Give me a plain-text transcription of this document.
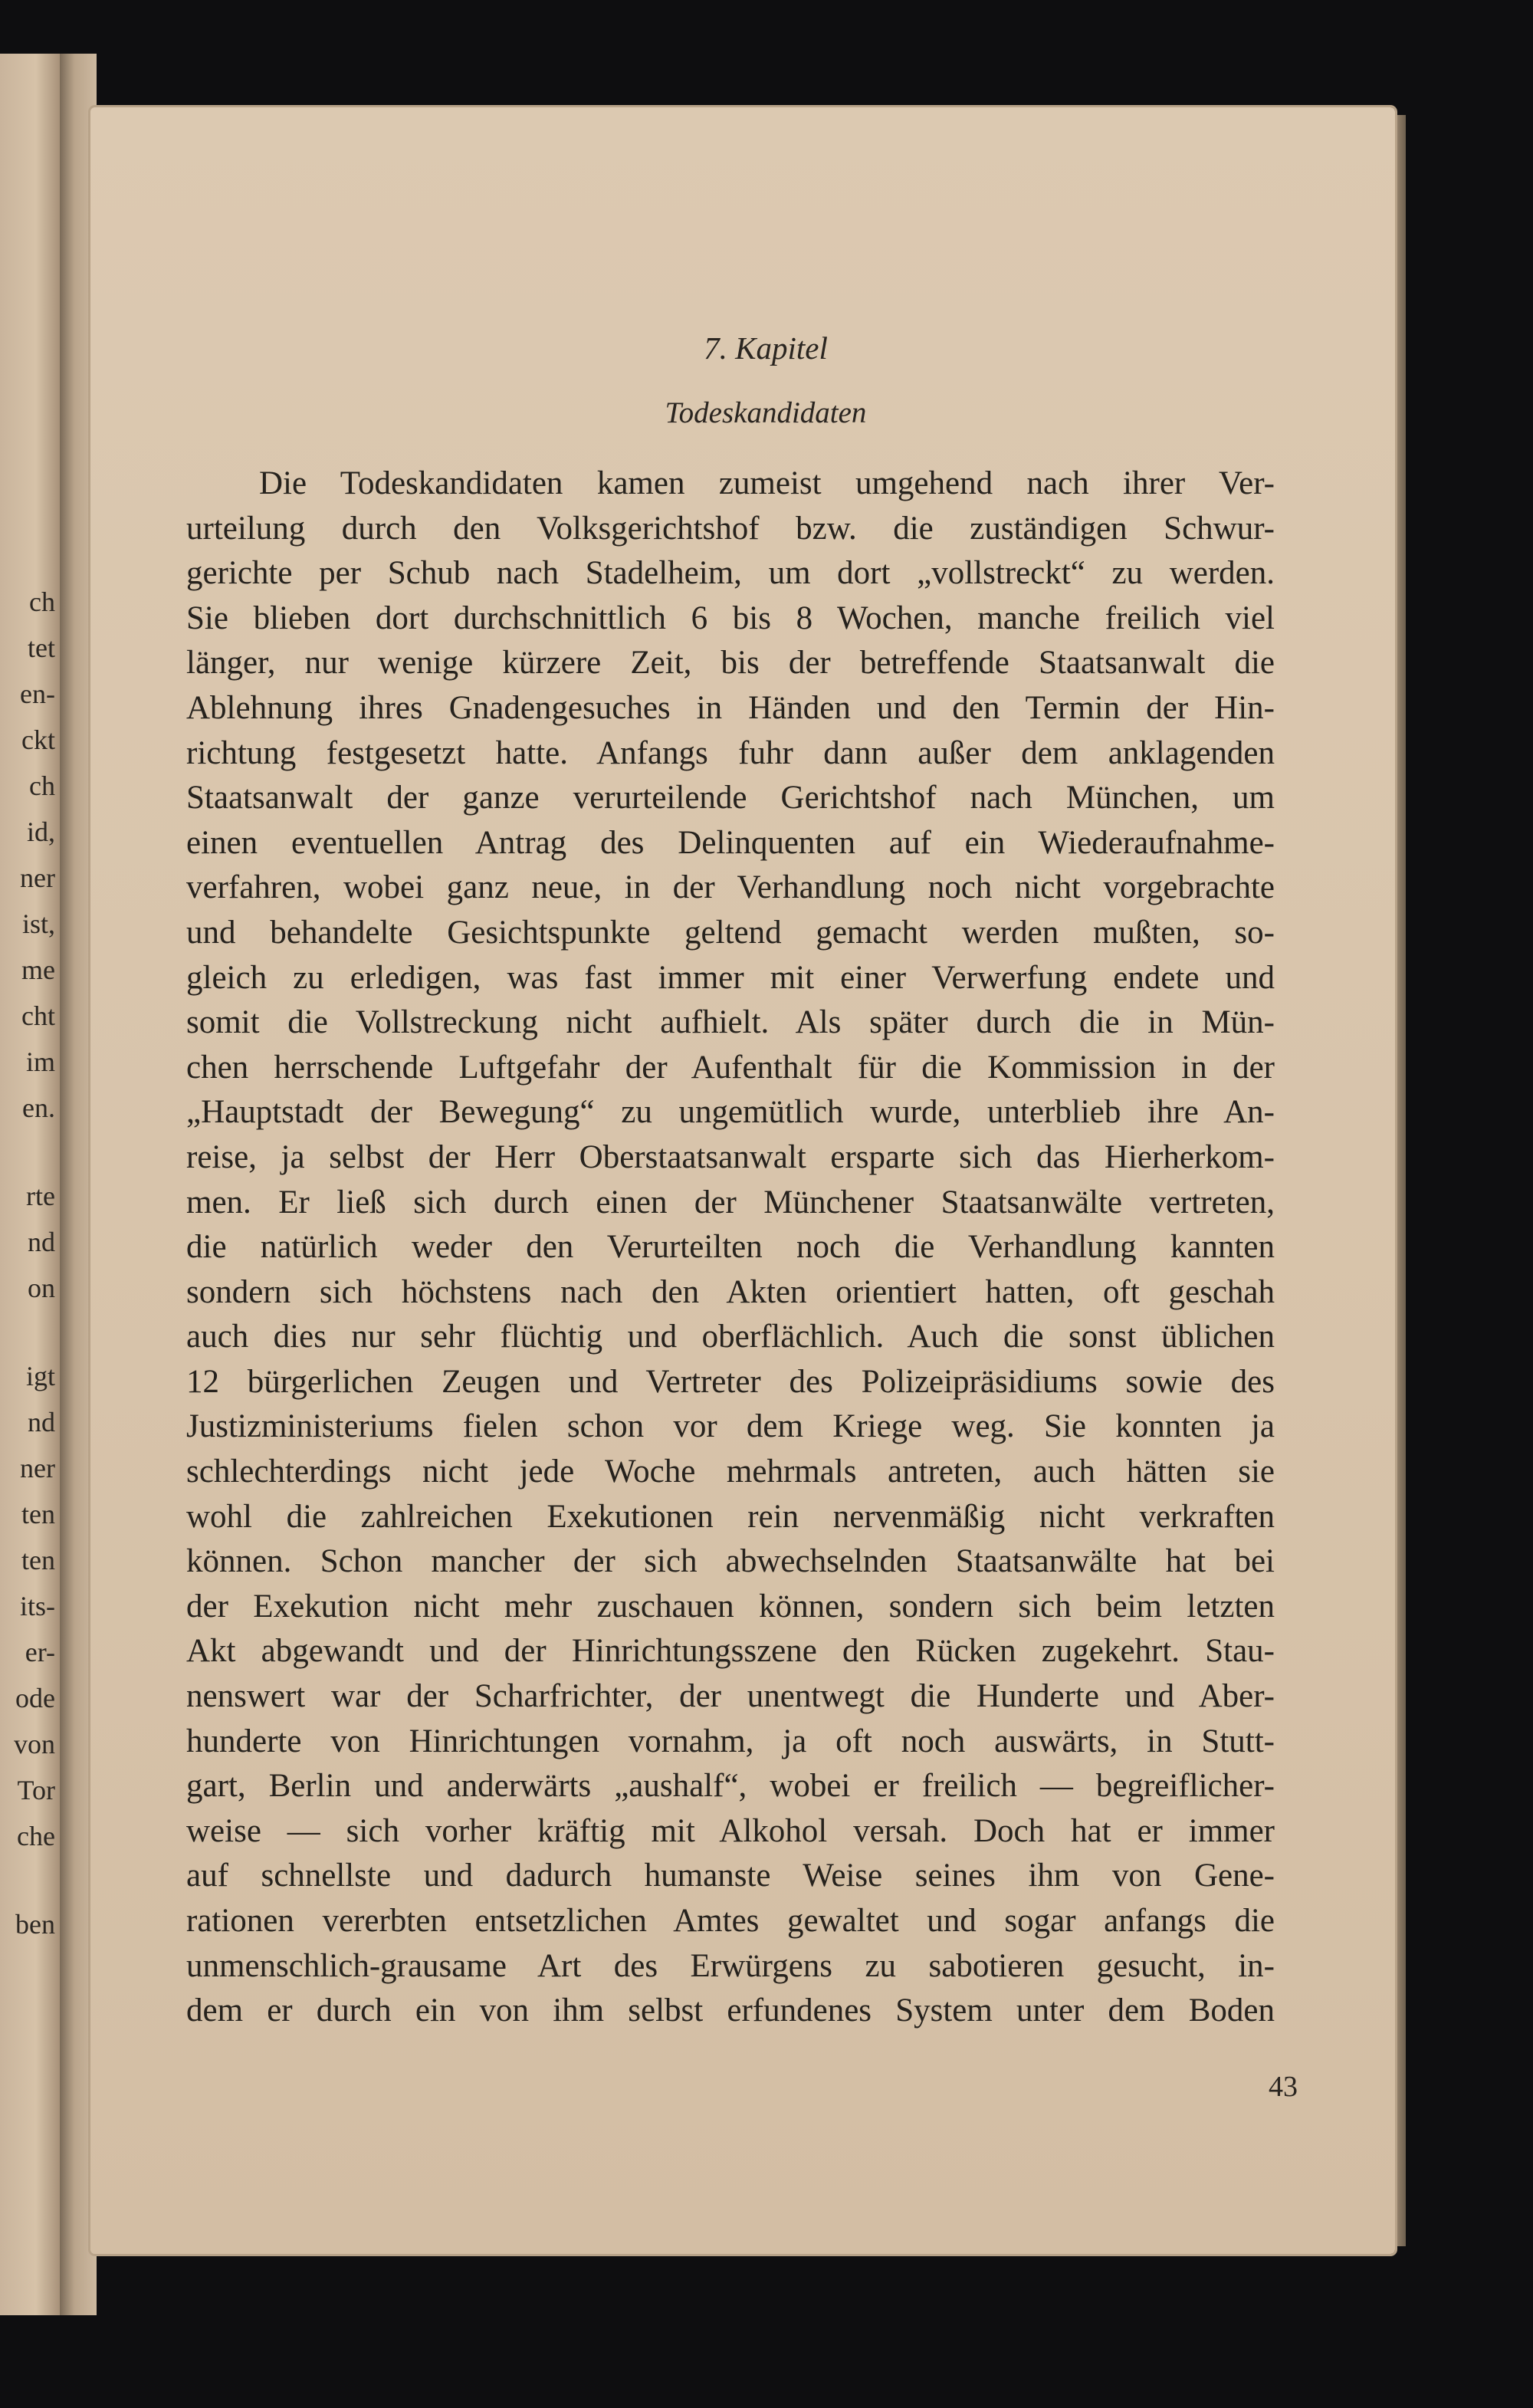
ch
tet
en-
ckt
ch
id,
ner
ist,
me
cht
im
en.
rte
nd
on
igt
nd
ner
ten
ten
its-
er-
ode
von
Tor
che
ben
7. Kapitel
Todeskandidaten
Die Todeskandidaten kamen zumeist umgehend nach ihrer Ver-
urteilung durch den Volksgerichtshof bzw. die zuständigen Schwur-
gerichte per Schub nach Stadelheim, um dort „vollstreckt“ zu werden.
Sie blieben dort durchschnittlich 6 bis 8 Wochen, manche freilich viel
länger, nur wenige kürzere Zeit, bis der betreffende Staatsanwalt die
Ablehnung ihres Gnadengesuches in Händen und den Termin der Hin-
richtung festgesetzt hatte. Anfangs fuhr dann außer dem anklagenden
Staatsanwalt der ganze verurteilende Gerichtshof nach München, um
einen eventuellen Antrag des Delinquenten auf ein Wiederaufnahme-
verfahren, wobei ganz neue, in der Verhandlung noch nicht vorgebrachte
und behandelte Gesichtspunkte geltend gemacht werden mußten, so-
gleich zu erledigen, was fast immer mit einer Verwerfung endete und
somit die Vollstreckung nicht aufhielt. Als später durch die in Mün-
chen herrschende Luftgefahr der Aufenthalt für die Kommission in der
„Hauptstadt der Bewegung“ zu ungemütlich wurde, unterblieb ihre An-
reise, ja selbst der Herr Oberstaatsanwalt ersparte sich das Hierherkom-
men. Er ließ sich durch einen der Münchener Staatsanwälte vertreten,
die natürlich weder den Verurteilten noch die Verhandlung kannten
sondern sich höchstens nach den Akten orientiert hatten, oft geschah
auch dies nur sehr flüchtig und oberflächlich. Auch die sonst üblichen
12 bürgerlichen Zeugen und Vertreter des Polizeipräsidiums sowie des
Justizministeriums fielen schon vor dem Kriege weg. Sie konnten ja
schlechterdings nicht jede Woche mehrmals antreten, auch hätten sie
wohl die zahlreichen Exekutionen rein nervenmäßig nicht verkraften
können. Schon mancher der sich abwechselnden Staatsanwälte hat bei
der Exekution nicht mehr zuschauen können, sondern sich beim letzten
Akt abgewandt und der Hinrichtungsszene den Rücken zugekehrt. Stau-
nenswert war der Scharfrichter, der unentwegt die Hunderte und Aber-
hunderte von Hinrichtungen vornahm, ja oft noch auswärts, in Stutt-
gart, Berlin und anderwärts „aushalf“, wobei er freilich — begreiflicher-
weise — sich vorher kräftig mit Alkohol versah. Doch hat er immer
auf schnellste und dadurch humanste Weise seines ihm von Gene-
rationen vererbten entsetzlichen Amtes gewaltet und sogar anfangs die
unmenschlich-grausame Art des Erwürgens zu sabotieren gesucht, in-
dem er durch ein von ihm selbst erfundenes System unter dem Boden
43
